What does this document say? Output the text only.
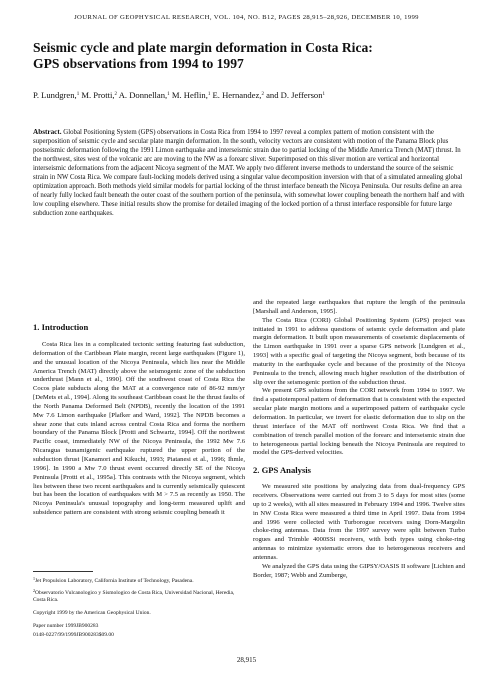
JOURNAL OF GEOPHYSICAL RESEARCH, VOL. 104, NO. B12, PAGES 28,915–28,926, DECEMBER 10, 1999
Seismic cycle and plate margin deformation in Costa Rica:
GPS observations from 1994 to 1997
P. Lundgren,$^1$ M. Protti,$^2$ A. Donnellan,$^1$ M. Heflin,$^1$ E. Hernandez,$^2$ and D. Jefferson$^1$

Abstract. Global Positioning System (GPS) observations in Costa Rica from 1994 to 1997 reveal a complex pattern of motion consistent with the superposition of seismic cycle and secular plate margin deformation. In the south, velocity vectors are consistent with motion of the Panama Block plus postseismic deformation following the 1991 Limon earthquake and interseismic strain due to partial locking of the Middle America Trench (MAT) thrust. In the northwest, sites west of the volcanic arc are moving to the NW as a forearc sliver. Superimposed on this sliver motion are vertical and horizontal interseismic deformations from the adjacent Nicoya segment of the MAT. We apply two different inverse methods to understand the source of the seismic strain in NW Costa Rica. We compare fault-locking models derived using a singular value decomposition inversion with that of a simulated annealing global optimization approach. Both methods yield similar models for partial locking of the thrust interface beneath the Nicoya Peninsula. Our results define an area of nearly fully locked fault beneath the outer coast of the southern portion of the peninsula, with somewhat lower coupling beneath the northern half and with low coupling elsewhere. These initial results show the promise for detailed imaging of the locked portion of a thrust interface responsible for future large subduction zone earthquakes.

1. Introduction

Costa Rica lies in a complicated tectonic setting featuring fast subduction, deformation of the Caribbean Plate margin, recent large earthquakes (Figure 1), and the unusual location of the Nicoya Peninsula, which lies near the Middle America Trench (MAT) directly above the seismogenic zone of the subduction underthrust [Mann et al., 1990]. Off the southwest coast of Costa Rica the Cocos plate subducts along the MAT at a convergence rate of 86-92 mm/yr [DeMets et al., 1994]. Along its southeast Caribbean coast lie the thrust faults of the North Panama Deformed Belt (NPDB), recently the location of the 1991 Mw 7.6 Limon earthquake [Plafker and Ward, 1992]. The NPDB becomes a shear zone that cuts inland across central Costa Rica and forms the northern boundary of the Panama Block [Protti and Schwartz, 1994]. Off the northwest Pacific coast, immediately NW of the Nicoya Peninsula, the 1992 Mw 7.6 Nicaragua tsunamigenic earthquake ruptured the upper portion of the subduction thrust [Kanamori and Kikuchi, 1993; Piatanesi et al., 1996; Ihmle, 1996]. In 1990 a Mw 7.0 thrust event occurred directly SE of the Nicoya Peninsula [Protti et al., 1995a]. This contrasts with the Nicoya segment, which lies between these two recent earthquakes and is currently seismically quiescent but has been the location of earthquakes with M > 7.5 as recently as 1950. The Nicoya Peninsula's unusual topography and long-term measured uplift and subsidence pattern are consistent with strong seismic coupling beneath it

and the repeated large earthquakes that rupture the length of the peninsula [Marshall and Anderson, 1995].

The Costa Rica (CORI) Global Positioning System (GPS) project was initiated in 1991 to address questions of seismic cycle deformation and plate margin deformation. It built upon measurements of coseismic displacements of the Limon earthquake in 1991 over a sparse GPS network [Lundgren et al., 1993] with a specific goal of targeting the Nicoya segment, both because of its maturity in the earthquake cycle and because of the proximity of the Nicoya Peninsula to the trench, allowing much higher resolution of the distribution of slip over the seismogenic portion of the subduction thrust.

We present GPS solutions from the CORI network from 1994 to 1997. We find a spatiotemporal pattern of deformation that is consistent with the expected secular plate margin motions and a superimposed pattern of earthquake cycle deformation. In particular, we invert for elastic deformation due to slip on the thrust interface of the MAT off northwest Costa Rica. We find that a combination of trench parallel motion of the forearc and interseismic strain due to heterogeneous partial locking beneath the Nicoya Peninsula are required to model the GPS-derived velocities.

2. GPS Analysis

We measured site positions by analyzing data from dual-frequency GPS receivers. Observations were carried out from 3 to 5 days for most sites (some up to 2 weeks), with all sites measured in February 1994 and 1996. Twelve sites in NW Costa Rica were measured a third time in April 1997. Data from 1994 and 1996 were collected with Turborogue receivers using Dorn-Margolin choke-ring antennas. Data from the 1997 survey were split between Turbo rogues and Trimble 4000SSi receivers, with both types using choke-ring antennas to minimize systematic errors due to heterogeneous receivers and antennas.

We analyzed the GPS data using the GIPSY/OASIS II software [Lichten and Border, 1987; Webb and Zumberge,

$^1$Jet Propulsion Laboratory, California Institute of Technology, Pasadena.

$^2$Observatorio Vulcanologico y Sismologico de Costa Rica, Universidad Nacional, Heredia, Costa Rica.

Copyright 1999 by the American Geophysical Union.

Paper number 1999JB900283

0148-0227/99/1999JB900283$09.00

28,915
